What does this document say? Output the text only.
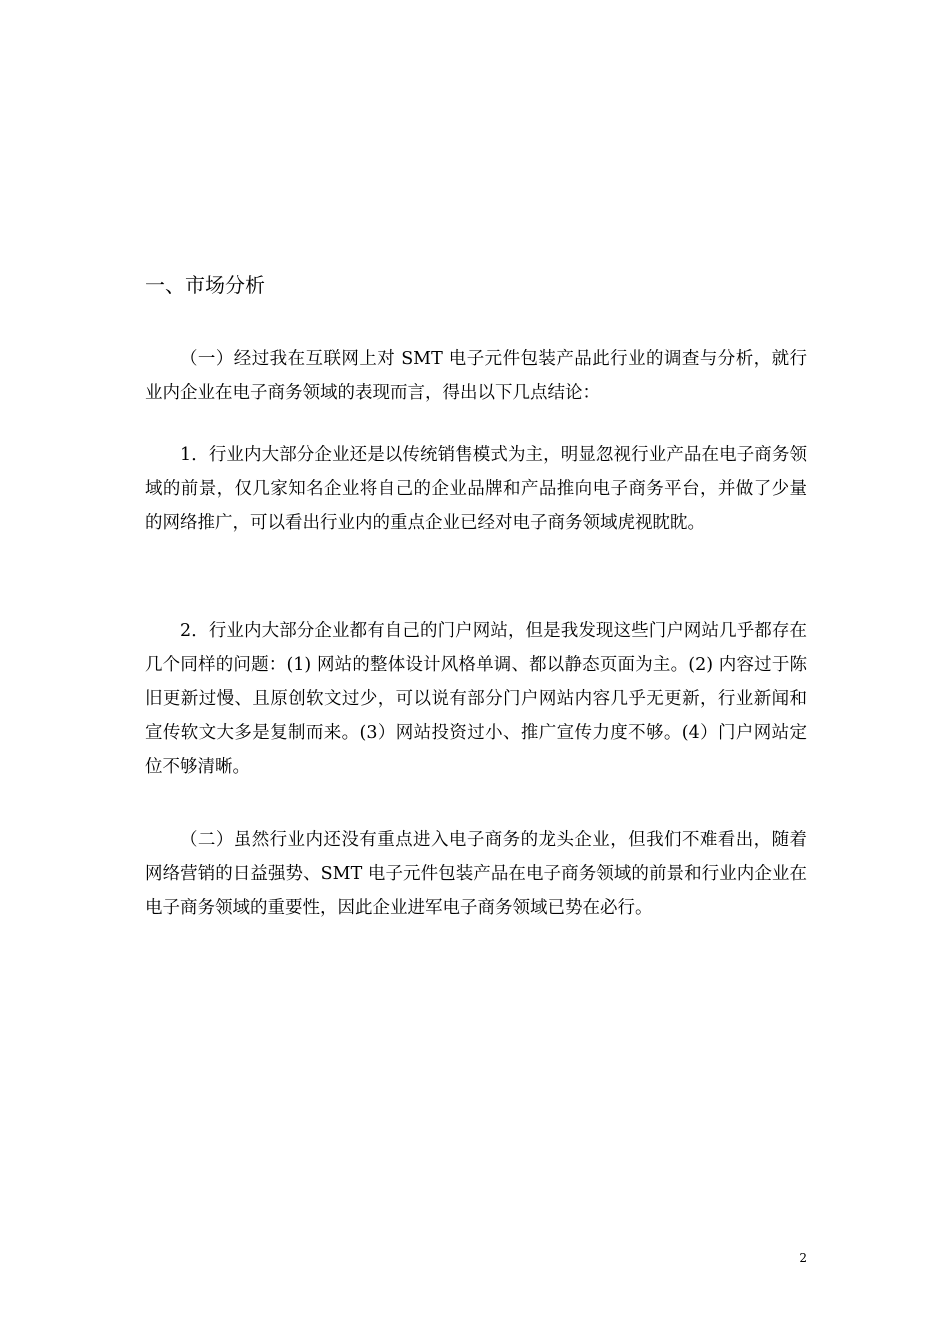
一、市场分析

（一）经过我在互联网上对 SMT 电子元件包装产品此行业的调查与分析，就行业内企业在电子商务领域的表现而言，得出以下几点结论：

1．行业内大部分企业还是以传统销售模式为主，明显忽视行业产品在电子商务领域的前景，仅几家知名企业将自己的企业品牌和产品推向电子商务平台，并做了少量的网络推广，可以看出行业内的重点企业已经对电子商务领域虎视眈眈。

2．行业内大部分企业都有自己的门户网站，但是我发现这些门户网站几乎都存在几个同样的问题：(1) 网站的整体设计风格单调、都以静态页面为主。(2) 内容过于陈旧更新过慢、且原创软文过少，可以说有部分门户网站内容几乎无更新，行业新闻和宣传软文大多是复制而来。(3）网站投资过小、推广宣传力度不够。(4）门户网站定位不够清晰。

（二）虽然行业内还没有重点进入电子商务的龙头企业，但我们不难看出，随着网络营销的日益强势、SMT 电子元件包装产品在电子商务领域的前景和行业内企业在电子商务领域的重要性，因此企业进军电子商务领域已势在必行。

2
